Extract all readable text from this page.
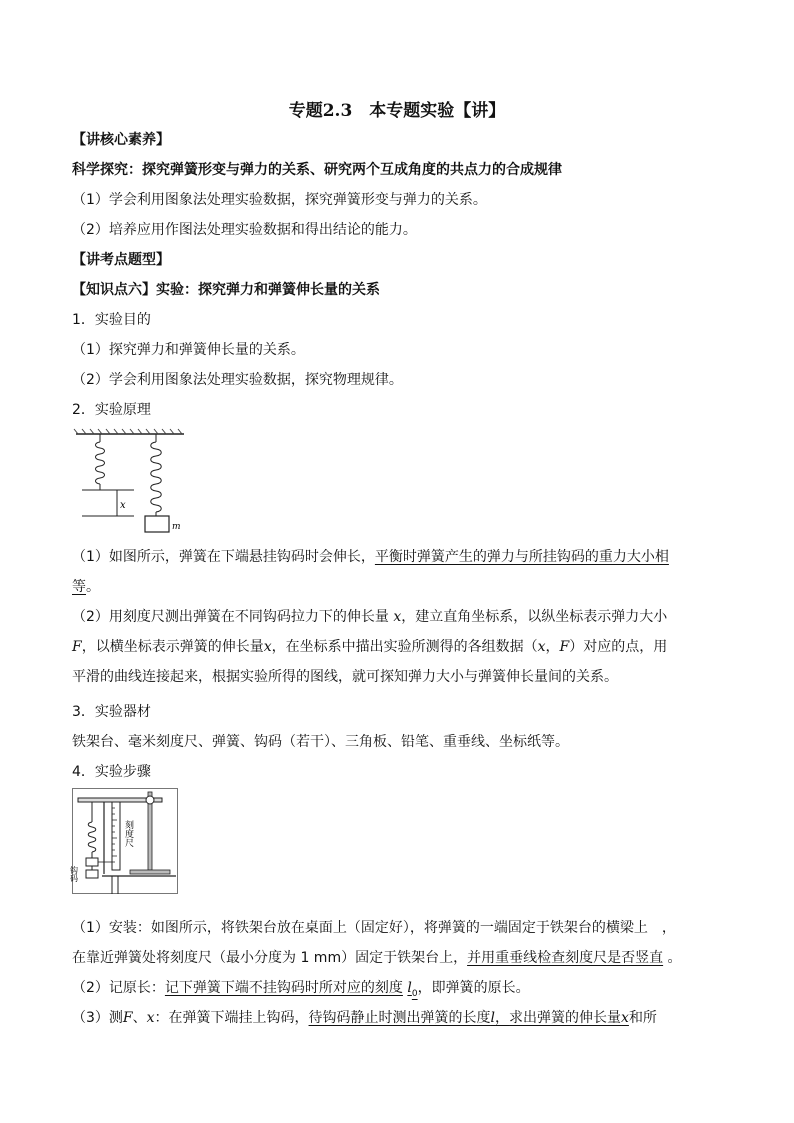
专题2.3　本专题实验【讲】
【讲核心素养】
科学探究：探究弹簧形变与弹力的关系、研究两个互成角度的共点力的合成规律
（1）学会利用图象法处理实验数据，探究弹簧形变与弹力的关系。
（2）培养应用作图法处理实验数据和得出结论的能力。
【讲考点题型】
【知识点六】实验：探究弹力和弹簧伸长量的关系
1．实验目的
（1）探究弹力和弹簧伸长量的关系。
（2）学会利用图象法处理实验数据，探究物理规律。
2．实验原理
x
m
（1）如图所示，弹簧在下端悬挂钩码时会伸长，平衡时弹簧产生的弹力与所挂钩码的重力大小相
等。
（2）用刻度尺测出弹簧在不同钩码拉力下的伸长量 x，建立直角坐标系，以纵坐标表示弹力大小
F，以横坐标表示弹簧的伸长量x，在坐标系中描出实验所测得的各组数据（x，F）对应的点，用
平滑的曲线连接起来，根据实验所得的图线，就可探知弹力大小与弹簧伸长量间的关系。
3．实验器材
铁架台、毫米刻度尺、弹簧、钩码（若干）、三角板、铅笔、重垂线、坐标纸等。
4．实验步骤
刻度尺
钩码
（1）安装：如图所示，将铁架台放在桌面上（固定好），将弹簧的一端固定于铁架台的横梁上　，
在靠近弹簧处将刻度尺（最小分度为 1 mm）固定于铁架台上，并用重垂线检查刻度尺是否竖直 。
（2）记原长：记下弹簧下端不挂钩码时所对应的刻度 $l_0$，即弹簧的原长。
（3）测F、x：在弹簧下端挂上钩码，待钩码静止时测出弹簧的长度l，求出弹簧的伸长量x和所
